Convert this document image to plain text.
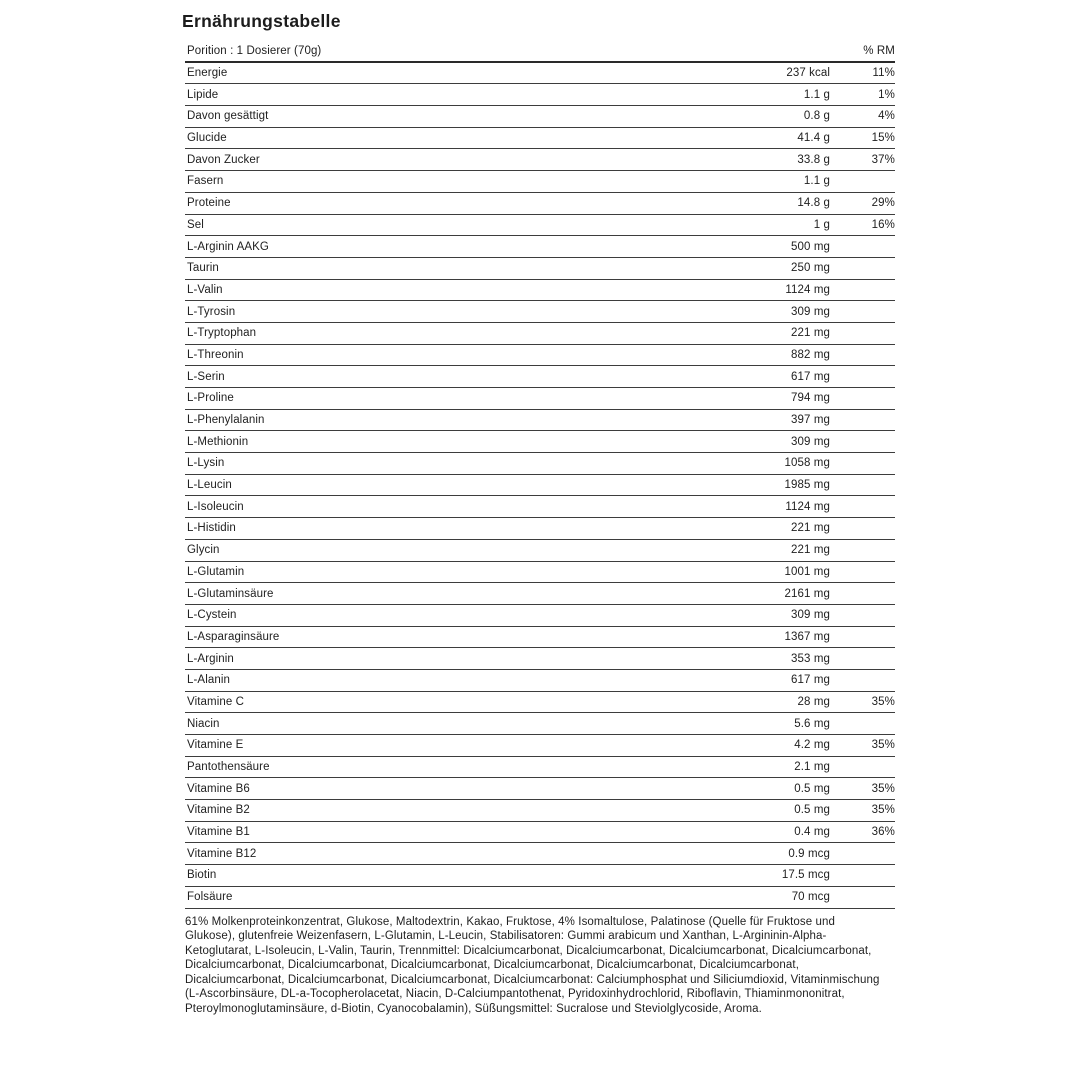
Ernährungstabelle
Porition : 1 Dosierer (70g)	% RM
Energie	237 kcal	11%
Lipide	1.1 g	1%
Davon gesättigt	0.8 g	4%
Glucide	41.4 g	15%
Davon Zucker	33.8 g	37%
Fasern	1.1 g
Proteine	14.8 g	29%
Sel	1 g	16%
L-Arginin AAKG	500 mg
Taurin	250 mg
L-Valin	1124 mg
L-Tyrosin	309 mg
L-Tryptophan	221 mg
L-Threonin	882 mg
L-Serin	617 mg
L-Proline	794 mg
L-Phenylalanin	397 mg
L-Methionin	309 mg
L-Lysin	1058 mg
L-Leucin	1985 mg
L-Isoleucin	1124 mg
L-Histidin	221 mg
Glycin	221 mg
L-Glutamin	1001 mg
L-Glutaminsäure	2161 mg
L-Cystein	309 mg
L-Asparaginsäure	1367 mg
L-Arginin	353 mg
L-Alanin	617 mg
Vitamine C	28 mg	35%
Niacin	5.6 mg
Vitamine E	4.2 mg	35%
Pantothensäure	2.1 mg
Vitamine B6	0.5 mg	35%
Vitamine B2	0.5 mg	35%
Vitamine B1	0.4 mg	36%
Vitamine B12	0.9 mcg
Biotin	17.5 mcg
Folsäure	70 mcg

61% Molkenproteinkonzentrat, Glukose, Maltodextrin, Kakao, Fruktose, 4% Isomaltulose, Palatinose (Quelle für Fruktose und Glukose), glutenfreie Weizenfasern, L-Glutamin, L-Leucin, Stabilisatoren: Gummi arabicum und Xanthan, L-Argininin-Alpha-Ketoglutarat, L-Isoleucin, L-Valin, Taurin, Trennmittel: Dicalciumcarbonat, Dicalciumcarbonat, Dicalciumcarbonat, Dicalciumcarbonat, Dicalciumcarbonat, Dicalciumcarbonat, Dicalciumcarbonat, Dicalciumcarbonat, Dicalciumcarbonat, Dicalciumcarbonat, Dicalciumcarbonat, Dicalciumcarbonat, Dicalciumcarbonat, Dicalciumcarbonat: Calciumphosphat und Siliciumdioxid, Vitaminmischung (L-Ascorbinsäure, DL-a-Tocopherolacetat, Niacin, D-Calciumpantothenat, Pyridoxinhydrochlorid, Riboflavin, Thiaminmononitrat, Pteroylmonoglutaminsäure, d-Biotin, Cyanocobalamin), Süßungsmittel: Sucralose und Steviolglycoside, Aroma.
